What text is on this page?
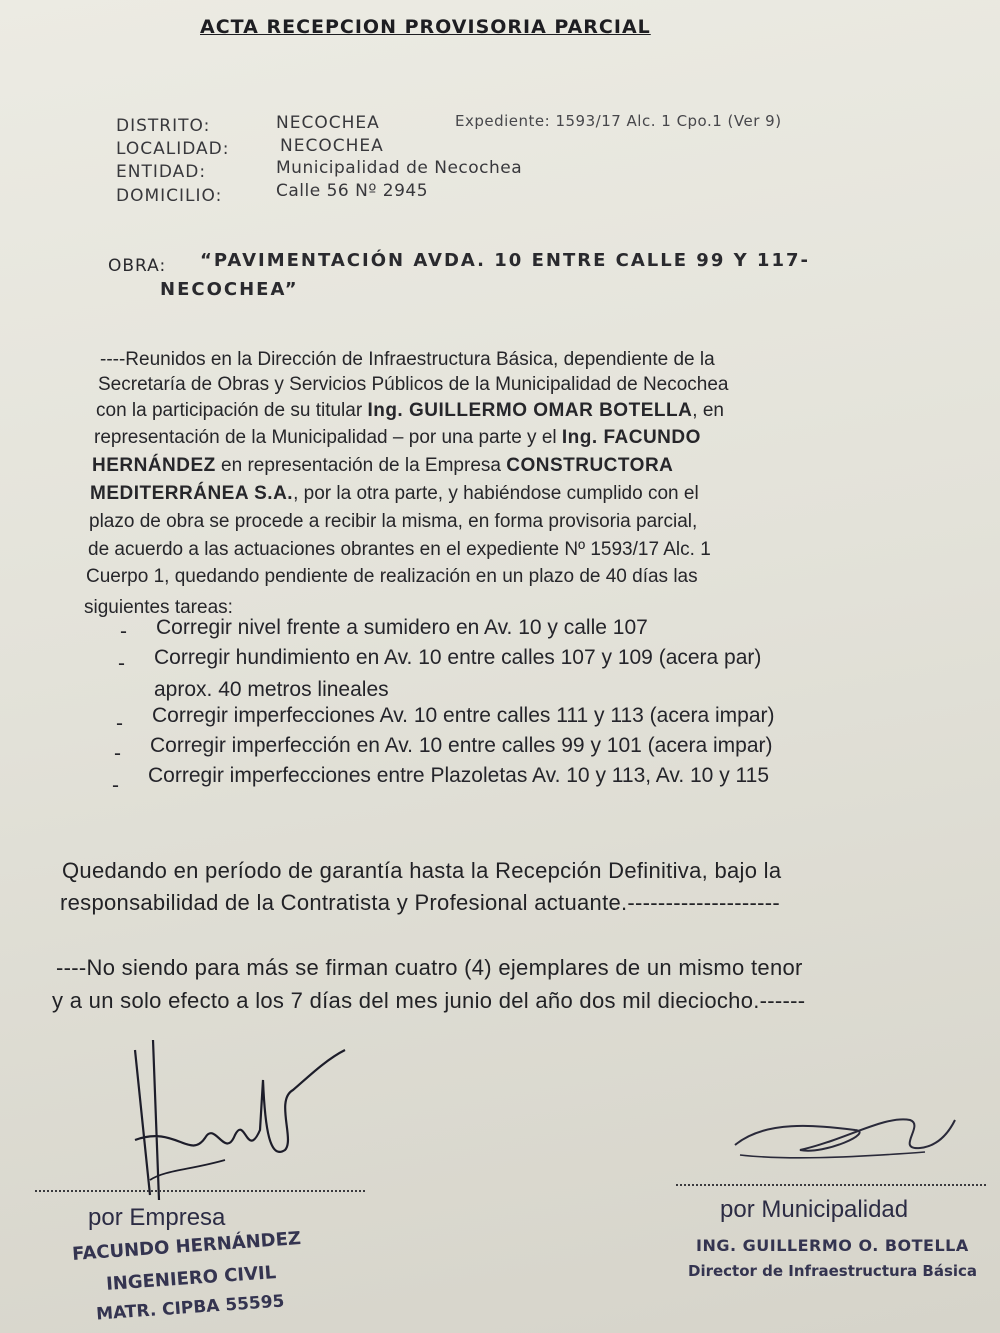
ACTA RECEPCION PROVISORIA PARCIAL
DISTRITO:	NECOCHEA	Expediente: 1593/17 Alc. 1 Cpo.1 (Ver 9)
LOCALIDAD:	NECOCHEA
ENTIDAD:	Municipalidad de Necochea
DOMICILIO:	Calle 56 Nº 2945
OBRA: “PAVIMENTACIÓN AVDA. 10 ENTRE CALLE 99 Y 117-
NECOCHEA”
----Reunidos en la Dirección de Infraestructura Básica, dependiente de la
Secretaría de Obras y Servicios Públicos de la Municipalidad de Necochea
con la participación de su titular Ing. GUILLERMO OMAR BOTELLA, en
representación de la Municipalidad – por una parte y el Ing. FACUNDO
HERNÁNDEZ en representación de la Empresa CONSTRUCTORA
MEDITERRÁNEA S.A., por la otra parte, y habiéndose cumplido con el
plazo de obra se procede a recibir la misma, en forma provisoria parcial,
de acuerdo a las actuaciones obrantes en el expediente Nº 1593/17 Alc. 1
Cuerpo 1, quedando pendiente de realización en un plazo de 40 días las
siguientes tareas:
- Corregir nivel frente a sumidero en Av. 10 y calle 107
- Corregir hundimiento en Av. 10 entre calles 107 y 109 (acera par)
aprox. 40 metros lineales
- Corregir imperfecciones Av. 10 entre calles 111 y 113 (acera impar)
- Corregir imperfección en Av. 10 entre calles 99 y 101 (acera impar)
- Corregir imperfecciones entre Plazoletas Av. 10 y 113, Av. 10 y 115
Quedando en período de garantía hasta la Recepción Definitiva, bajo la
responsabilidad de la Contratista y Profesional actuante.--------------------
----No siendo para más se firman cuatro (4) ejemplares de un mismo tenor
y a un solo efecto a los 7 días del mes junio del año dos mil dieciocho.------
por Empresa
FACUNDO HERNÁNDEZ
INGENIERO CIVIL
MATR. CIPBA 55595
por Municipalidad
ING. GUILLERMO O. BOTELLA
Director de Infraestructura Básica
